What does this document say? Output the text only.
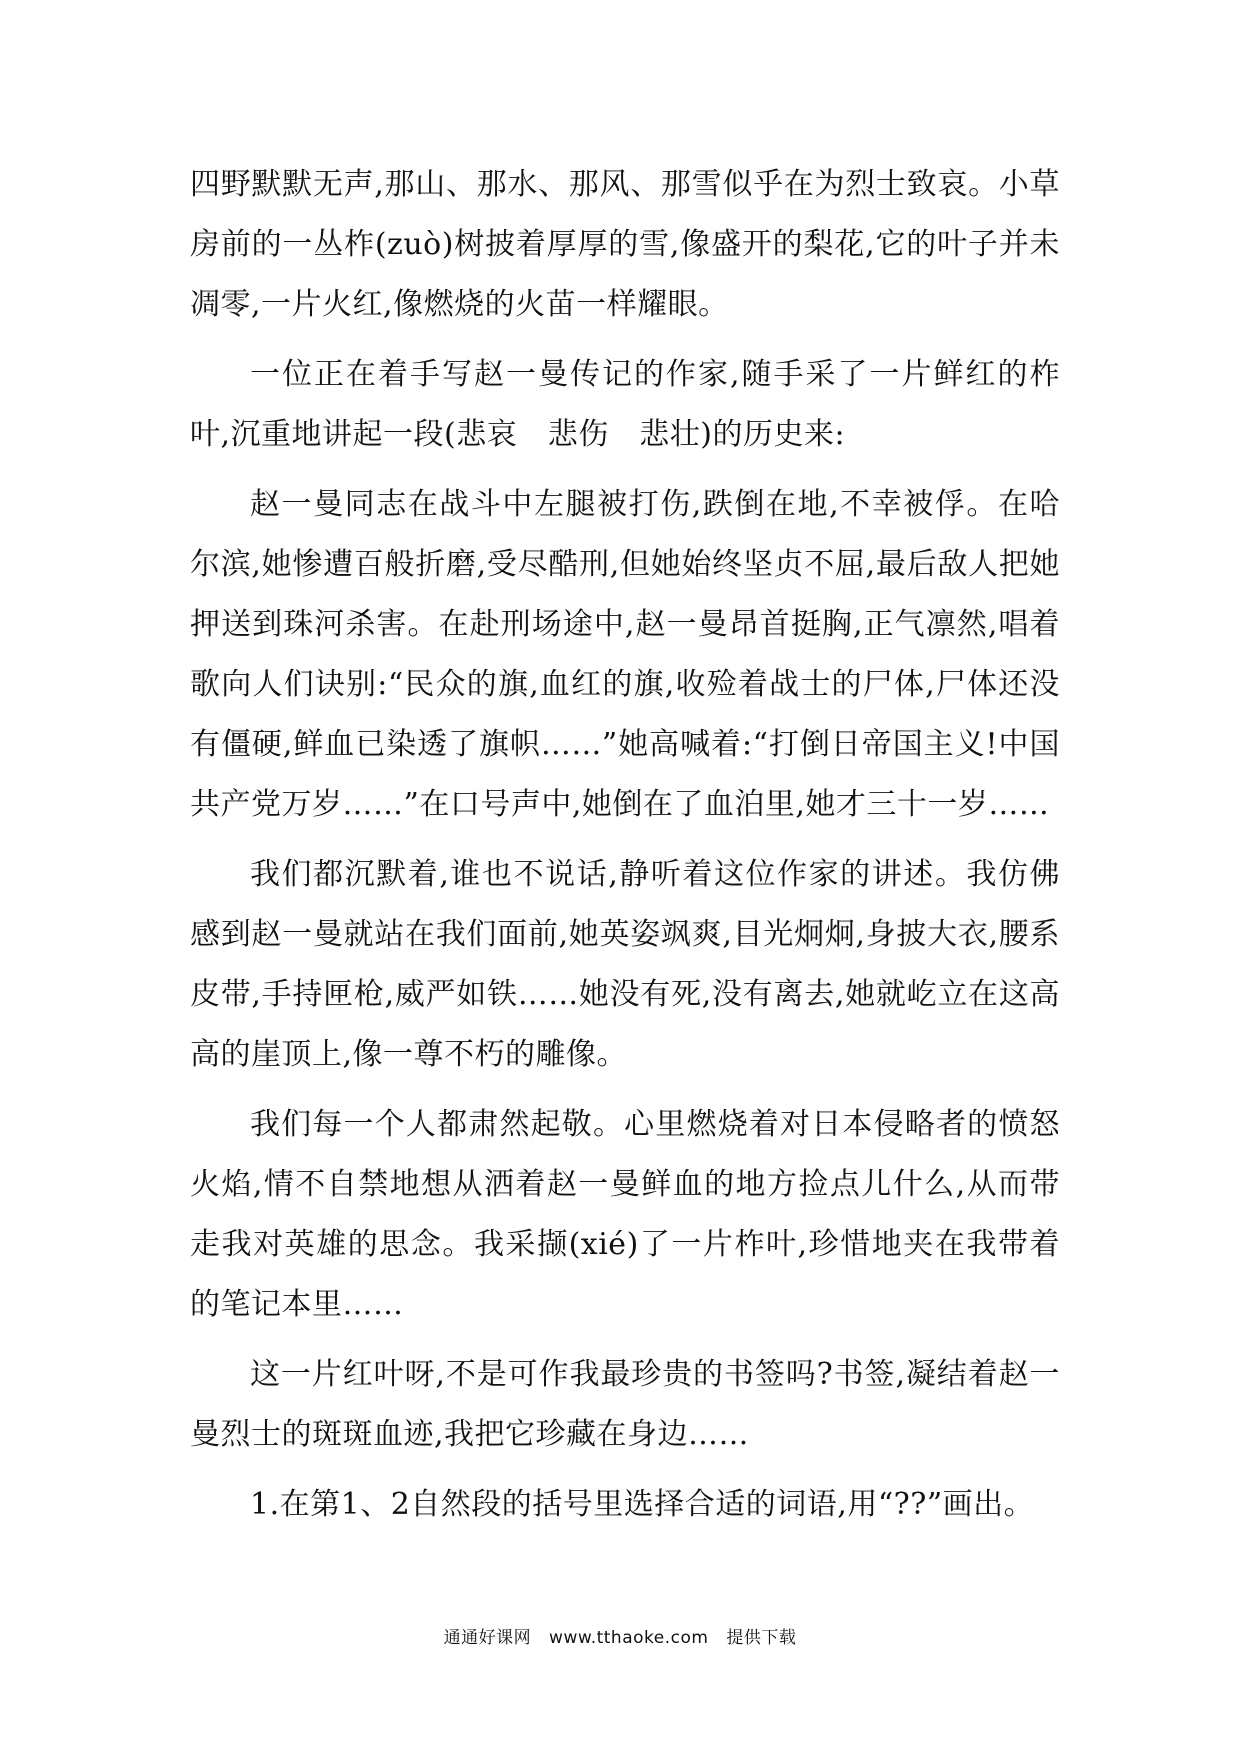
四野默默无声,那山、那水、那风、那雪似乎在为烈士致哀。小草房前的一丛柞(zuò)树披着厚厚的雪,像盛开的梨花,它的叶子并未凋零,一片火红,像燃烧的火苗一样耀眼。

一位正在着手写赵一曼传记的作家,随手采了一片鲜红的柞叶,沉重地讲起一段(悲哀　悲伤　悲壮)的历史来:

赵一曼同志在战斗中左腿被打伤,跌倒在地,不幸被俘。在哈尔滨,她惨遭百般折磨,受尽酷刑,但她始终坚贞不屈,最后敌人把她押送到珠河杀害。在赴刑场途中,赵一曼昂首挺胸,正气凛然,唱着歌向人们诀别:“民众的旗,血红的旗,收殓着战士的尸体,尸体还没有僵硬,鲜血已染透了旗帜……”她高喊着:“打倒日帝国主义!中国共产党万岁……”在口号声中,她倒在了血泊里,她才三十一岁……

我们都沉默着,谁也不说话,静听着这位作家的讲述。我仿佛感到赵一曼就站在我们面前,她英姿飒爽,目光炯炯,身披大衣,腰系皮带,手持匣枪,威严如铁……她没有死,没有离去,她就屹立在这高高的崖顶上,像一尊不朽的雕像。

我们每一个人都肃然起敬。心里燃烧着对日本侵略者的愤怒火焰,情不自禁地想从洒着赵一曼鲜血的地方捡点儿什么,从而带走我对英雄的思念。我采撷(xié)了一片柞叶,珍惜地夹在我带着的笔记本里……

这一片红叶呀,不是可作我最珍贵的书签吗?书签,凝结着赵一曼烈士的斑斑血迹,我把它珍藏在身边……

1.在第1、2自然段的括号里选择合适的词语,用“??”画出。

通通好课网 www.tthaoke.com 提供下载
